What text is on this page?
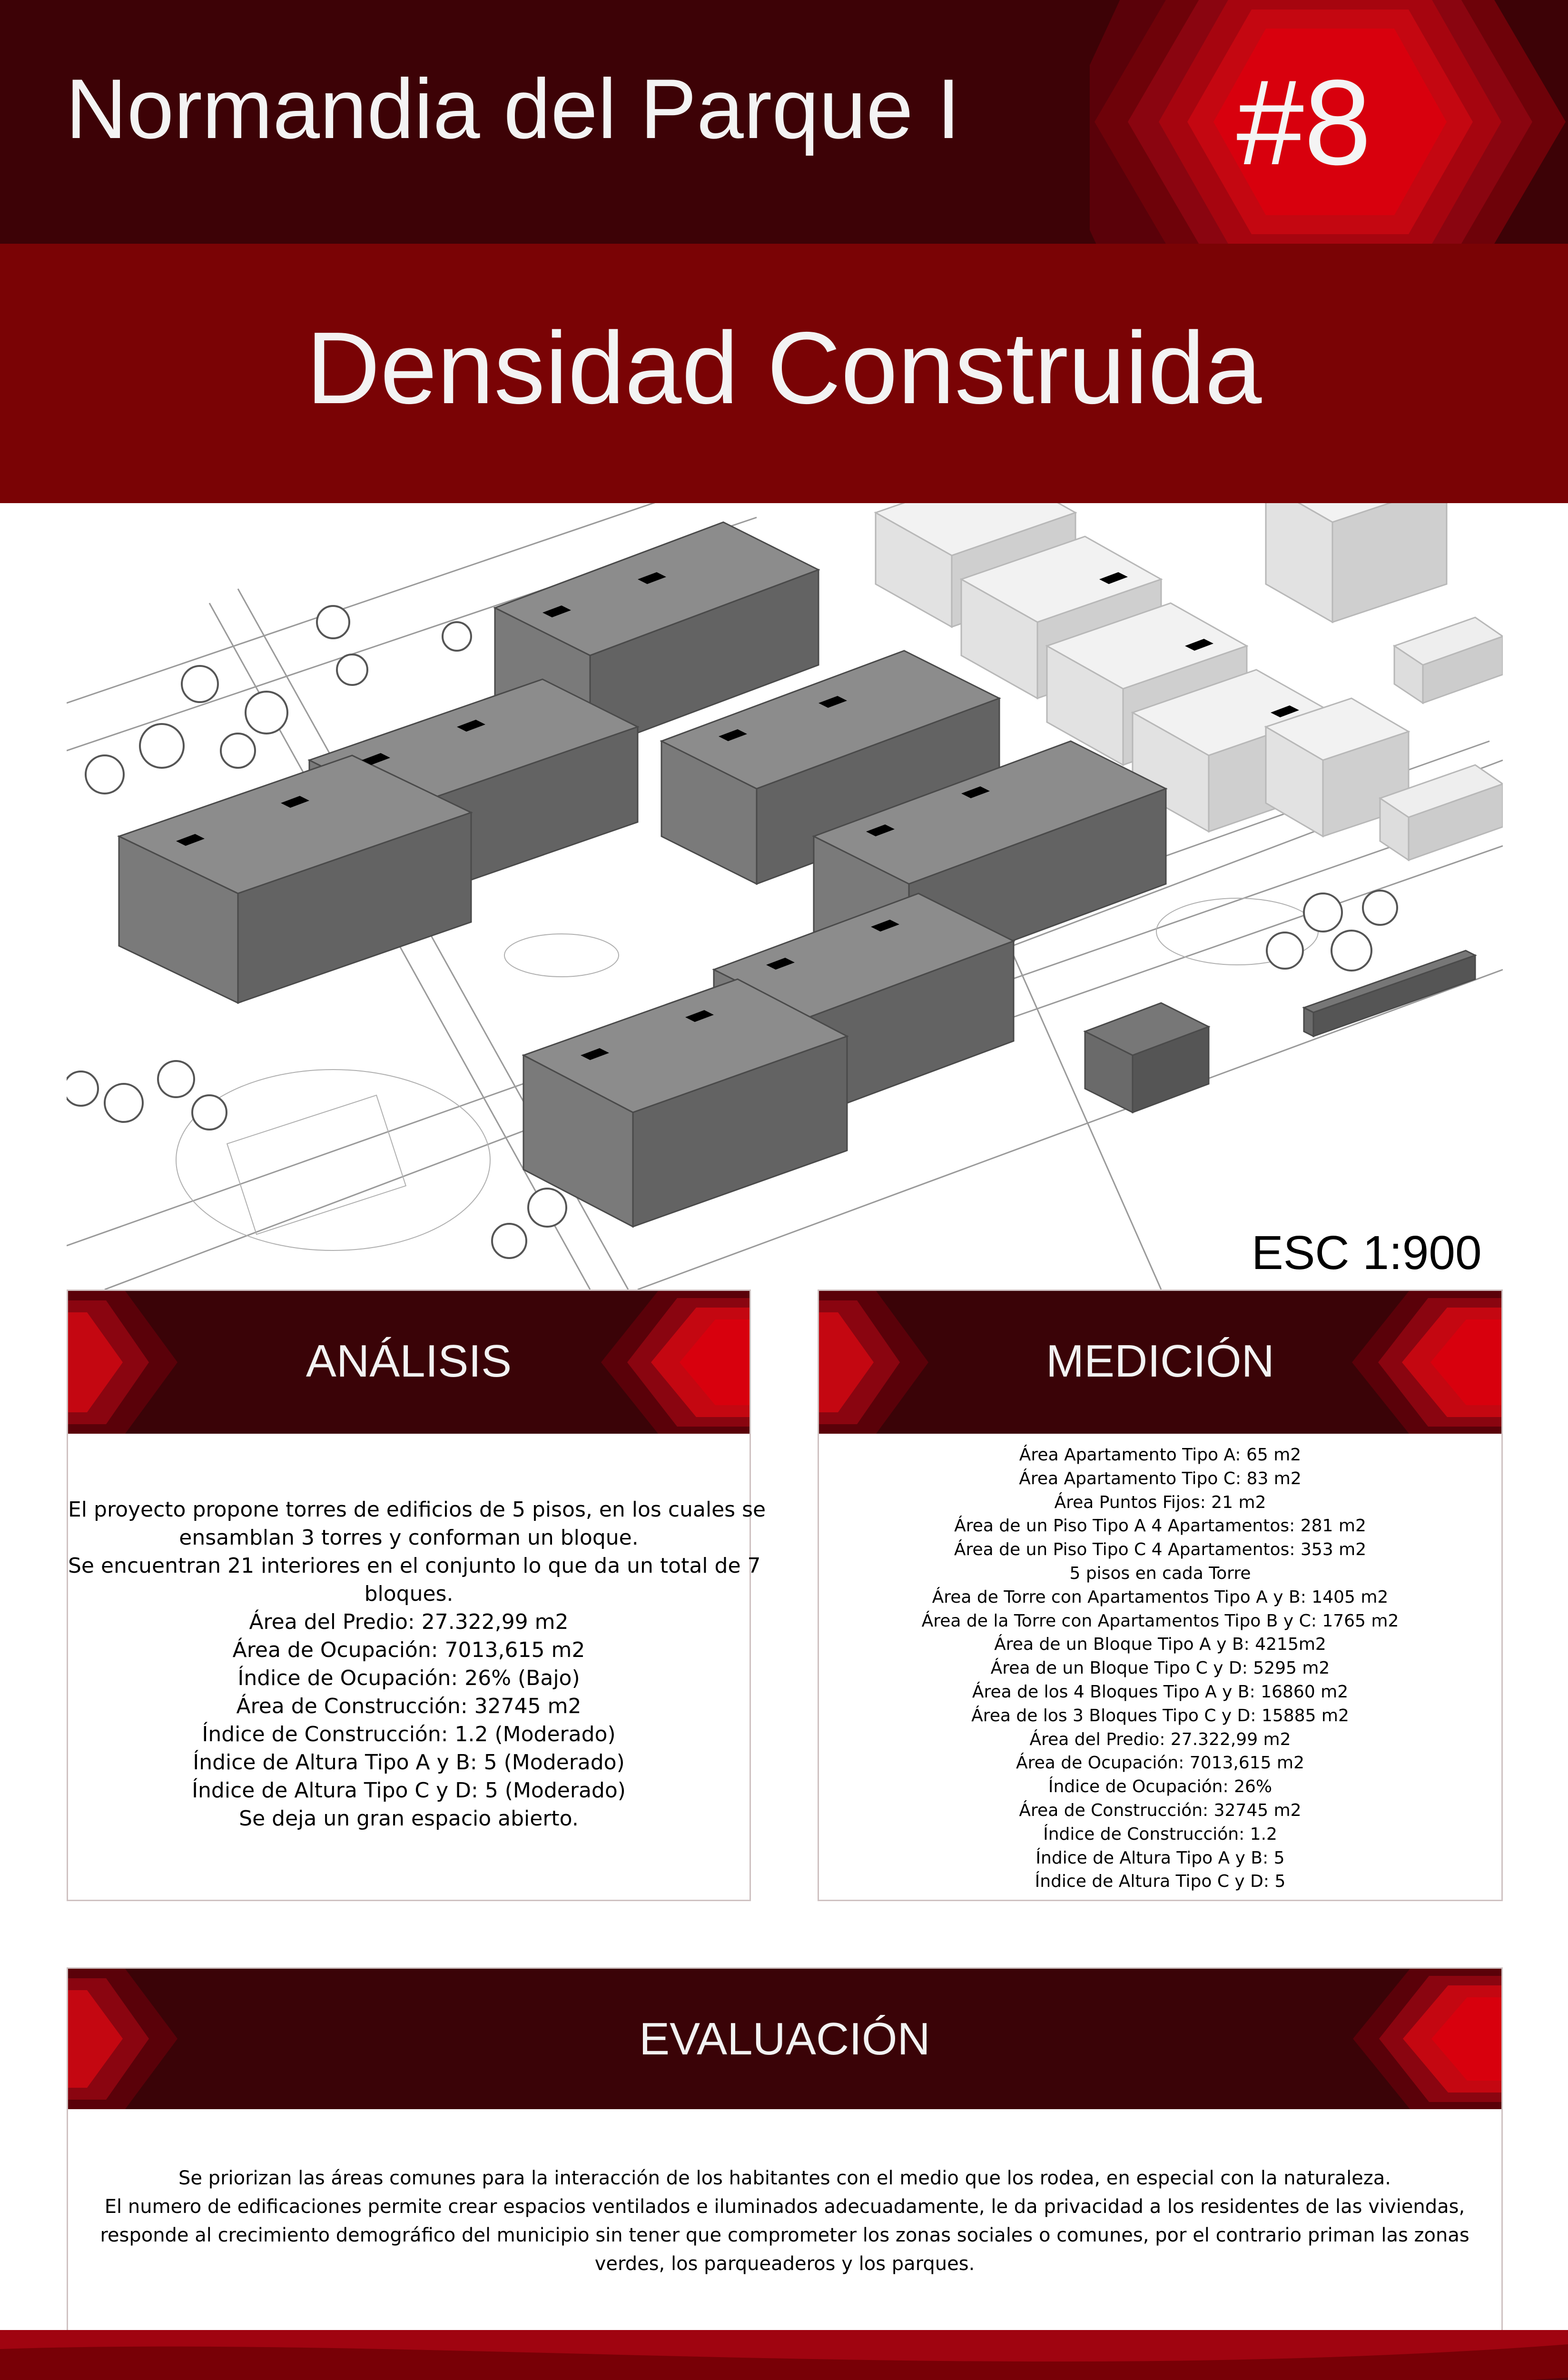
Normandia del Parque I #8
Densidad Construida
ESC 1:900
ANÁLISIS
El proyecto propone torres de edificios de 5 pisos, en los cuales se
ensamblan 3 torres y conforman un bloque.
Se encuentran 21 interiores en el conjunto lo que da un total de 7
bloques.
Área del Predio: 27.322,99 m2
Área de Ocupación: 7013,615 m2
Índice de Ocupación: 26% (Bajo)
Área de Construcción: 32745 m2
Índice de Construcción: 1.2 (Moderado)
Índice de Altura Tipo A y B: 5 (Moderado)
Índice de Altura Tipo C y D: 5 (Moderado)
Se deja un gran espacio abierto.
MEDICIÓN
Área Apartamento Tipo A: 65 m2
Área Apartamento Tipo C: 83 m2
Área Puntos Fijos: 21 m2
Área de un Piso Tipo A 4 Apartamentos: 281 m2
Área de un Piso Tipo C 4 Apartamentos: 353 m2
5 pisos en cada Torre
Área de Torre con Apartamentos Tipo A y B: 1405 m2
Área de la Torre con Apartamentos Tipo B y C: 1765 m2
Área de un Bloque Tipo A y B: 4215m2
Área de un Bloque Tipo C y D: 5295 m2
Área de los 4 Bloques Tipo A y B: 16860 m2
Área de los 3 Bloques Tipo C y D: 15885 m2
Área del Predio: 27.322,99 m2
Área de Ocupación: 7013,615 m2
Índice de Ocupación: 26%
Área de Construcción: 32745 m2
Índice de Construcción: 1.2
Índice de Altura Tipo A y B: 5
Índice de Altura Tipo C y D: 5
EVALUACIÓN
Se priorizan las áreas comunes para la interacción de los habitantes con el medio que los rodea, en especial con la naturaleza.
El numero de edificaciones permite crear espacios ventilados e iluminados adecuadamente, le da privacidad a los residentes de las viviendas,
responde al crecimiento demográfico del municipio sin tener que comprometer los zonas sociales o comunes, por el contrario priman las zonas
verdes, los parqueaderos y los parques.
